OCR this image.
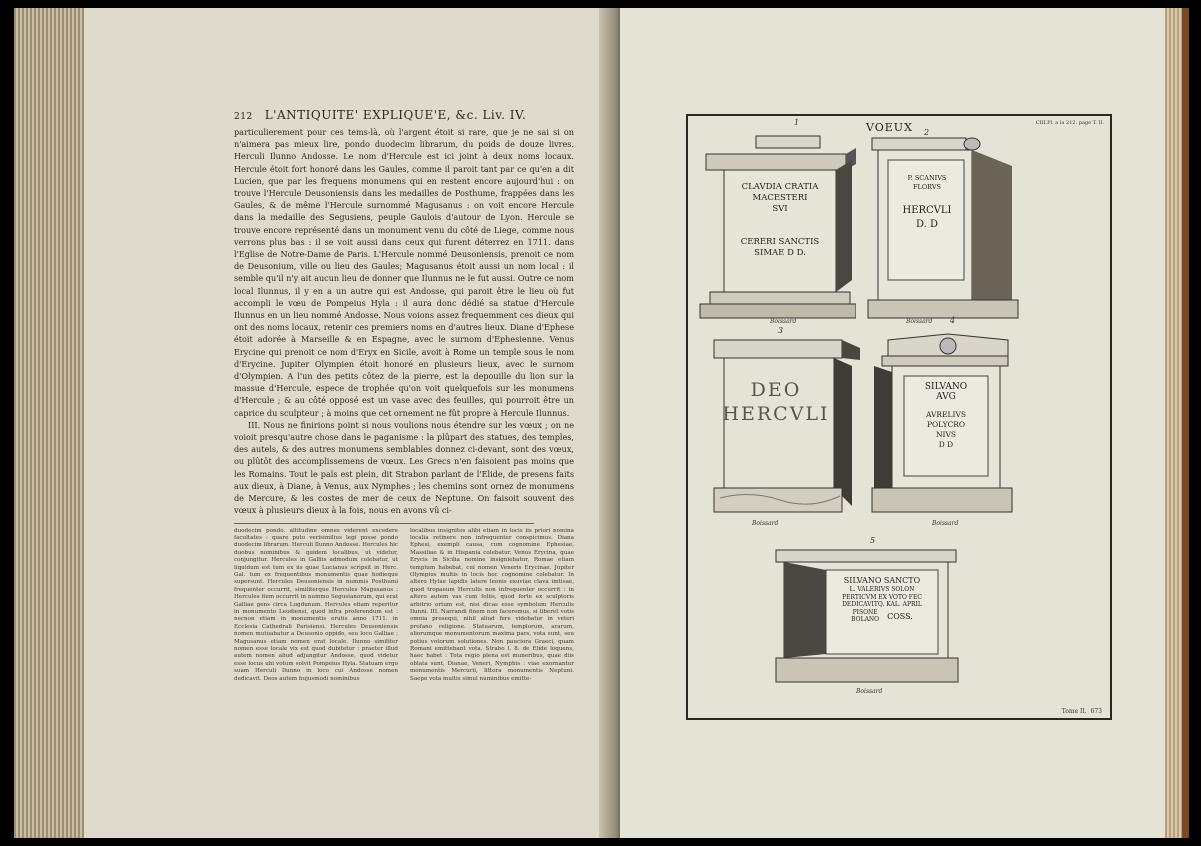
212 L'ANTIQUITE' EXPLIQUE'E, &c. Liv. IV.

particulierement pour ces tems-là, où l'argent étoit si rare, que je ne sai si on n'aimera pas mieux lire, pondo duodecim librarum, du poids de douze livres. Herculi Ilunno Andosse. Le nom d'Hercule est ici joint à deux noms locaux. Hercule étoit fort honoré dans les Gaules, comme il paroit tant par ce qu'en a dit Lucien, que par les frequens monumens qui en restent encore aujourd'hui : on trouve l'Hercule Deusoniensis dans les medailles de Posthume, frappées dans les Gaules, & de même l'Hercule surnommé Magusanus : on voit encore Hercule dans la medaille des Segusiens, peuple Gaulois d'autour de Lyon. Hercule se trouve encore représenté dans un monument venu du côté de Liege, comme nous verrons plus bas : il se voit aussi dans ceux qui furent déterrez en 1711. dans l'Eglise de Notre-Dame de Paris. L'Hercule nommé Deusoniensis, prenoit ce nom de Deusonium, ville ou lieu des Gaules; Magusanus étoit aussi un nom local : il semble qu'il n'y ait aucun lieu de donner que Ilunnus ne le fut aussi. Outre ce nom local Ilunnus, il y en a un autre qui est Andosse, qui paroit être le lieu où fut accompli le vœu de Pompeius Hyla : il aura donc dédié sa statue d'Hercule Ilunnus en un lieu nommé Andosse. Nous voions assez frequemment ces dieux qui ont des noms locaux, retenir ces premiers noms en d'autres lieux. Diane d'Ephese étoit adorée à Marseille & en Espagne, avec le surnom d'Ephesienne. Venus Erycine qui prenoit ce nom d'Eryx en Sicile, avoit à Rome un temple sous le nom d'Erycine. Jupiter Olympien étoit honoré en plusieurs lieux, avec le surnom d'Olympien. A l'un des petits côtez de la pierre, est la depouille du lion sur la massue d'Hercule, espece de trophée qu'on voit quelquefois sur les monumens d'Hercule ; & au côté opposé est un vase avec des feuilles, qui pourroit être un caprice du sculpteur ; à moins que cet ornement ne fût propre à Hercule Ilunnus.

III. Nous ne finirions point si nous voulions nous étendre sur les vœux ; on ne voioit presqu'autre chose dans le paganisme : la plûpart des statues, des temples, des autels, & des autres monumens semblables donnez ci-devant, sont des vœux, ou plûtôt des accomplissemens de vœux. Les Grecs n'en faisoient pas moins que les Romains. Tout le païs est plein, dit Strabon parlant de l'Elide, de presens faits aux dieux, à Diane, à Venus, aux Nymphes ; les chemins sont ornez de monumens de Mercure, & les costes de mer de ceux de Neptune. On faisoit souvent des vœux à plusieurs dieux à la fois, nous en avons vû ci-

duodecim pondo. altitudine omnes viderent excedere facultates : quare puto verisimilius legi posse pondo duodecim librarum. Herculi Ilunno Andosse. Hercules hic duobus nominibus & quidem localibus, ut videtur, conjungitur. Hercules in Galliis admodum colebatur, ut liquidum est tum ex iis quae Lucianus scripsit in Herc. Gal. tum ex frequentibus monumentis quae hodieque supersunt. Hercules Deusoniensis in nummis Posthumi frequenter occurrit, similiterque Hercules Magusanus : Hercules item occurrit in nummo Segusianorum, qui erat Galliae gens circa Lugdunum. Hercules etiam reperitur in monumento Leodiensi, quod infra proferendum est : necnon etiam in monumentis erutis anno 1711. in Ecclesia Cathedrali Parisiensi. Hercules Deusoniensis nomen mutuabatur a Deusonio oppido, seu loco Galliae ; Magusanus etiam nomen erat locale. Ilunno similiter nomen esse locale vix est quod dubitetur : praeter illud autem nomen aliud adjungitur Andosse, quod videtur esse locus ubi votum solvit Pompeius Hyla. Statuam ergo suam Herculi Ilunno in loco cui Andosse nomen dedicavit. Deos autem hujusmodi nominibus
localibus insignitos alibi etiam in locis iis priori nomina localia retinere non infrequenter conspicimus. Diana Ephesi, exempli causa, cum cognomine Ephesiae, Massiliae & in Hispania colebatur. Venus Erycina, quae Erycis in Sicilia nomine insigniebatur, Romae etiam templum habebat, cui nomen Veneris Erycinae. Jupiter Olympius multis in locis hoc cognomine colebatur. In altero Hylae lapidis latere leonis exuviae clava imtisae, quod tropaeum Herculis non infrequenter occurrit : in altero autem vas cum foliis, quod forte ex sculptoris arbitrio ortum est, nisi dicas esse symbolum Herculis Ilunni. III. Narrandi finem non faceremus, si liberet votis omnia prosequi, nihil aliud fere videbatur in veteri profano religione. Statuarum, templorum, ararum, aliorumque monumentorum maxima pars, vota sunt, seu potius votorum solutiones. Non pauciora Graeci, quam Romani emittebant vota. Strabo l. 8. de Elide loquens, haec habet : Tota regio plena est muneribus, quae diis oblata sunt, Dianae, Veneri, Nymphis : viae exornantur monumentis Mercurii, littora monumentis Neptuni. Saepe vota multis simul numinibus emitte-
VOEUX	CIII.Pl. a la 212. page T. II.
1
CLAVDIA CRATIA
MACESTERI
SVI
CERERI SANCTIS
SIMAE D D.
Boissard
2
P. SCANIVS
FLORVS
HERCVLI
D. D
Boissard 4
3
DEO
HERCVLI
Boissard
SILVANO
AVG
AVRELIVS
POLYCRO
NIVS
D D
Boissard
5
SILVANO SANCTO
L. VALERIVS SOLON
PERTICVM EX VOTO FEC
DEDICAVITQ. KAL. APRIL
PISONE
BOLANO COSS.
Boissard
Tome II. 673
